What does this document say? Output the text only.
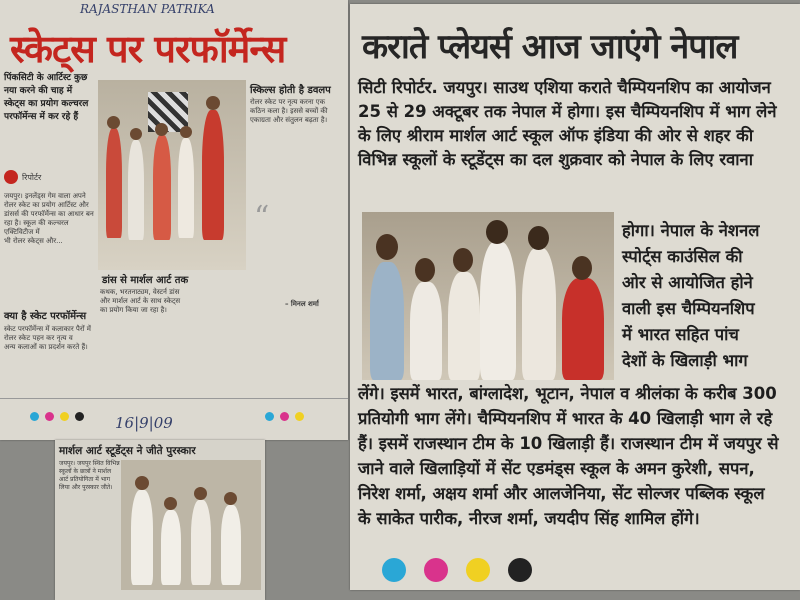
RAJASTHAN PATRIKA
स्केट्स पर परफॉर्मेन्स
पिंकसिटी के आर्टिस्ट कुछ
नया करने की चाह में
स्केट्स का प्रयोग कल्चरल
परफॉर्मेन्स में कर रहे हैं
रिपोर्टर
जयपुर। इनलेंड्स गेम वाला अपने
रोलर स्केट का प्रयोग आर्टिस्ट और
डांसर्स की परफॉर्मेन्स का आधार बन
रहा है। स्कूल की कल्चरल एक्टिविटीज में
भी रोलर स्केट्स और...
क्या है स्केट परफॉर्मेन्स
स्केट परफॉर्मेन्स में कलाकार पैरों में
रोलर स्केट पहन कर नृत्य व
अन्य कलाओं का प्रदर्शन करते हैं।
डांस से मार्शल आर्ट तक
कथक, भरतनाट्यम, वेस्टर्न डांस
और मार्शल आर्ट के साथ स्केट्स
का प्रयोग किया जा रहा है।
स्किल्स होती है डवलप
रोलर स्केट पर नृत्य करना एक
कठिन कला है। इससे बच्चों की
एकाग्रता और संतुलन बढ़ता है।
“
– मिनल शर्मा
16|9|09
मार्शल आर्ट स्टूडेंट्स ने जीते पुरस्कार
जयपुर। जयपुर स्थित विभिन्न
स्कूलों के छात्रों ने मार्शल
आर्ट प्रतियोगिता में भाग
लिया और पुरस्कार जीते।
कराते प्लेयर्स आज जाएंगे नेपाल
सिटी रिपोर्टर. जयपुर। साउथ एशिया कराते चैम्पियनशिप का आयोजन
25 से 29 अक्टूबर तक नेपाल में होगा। इस चैम्पियनशिप में भाग लेने
के लिए श्रीराम मार्शल आर्ट स्कूल ऑफ इंडिया की ओर से शहर की
विभिन्न स्कूलों के स्टूडेंट्स का दल शुक्रवार को नेपाल के लिए रवाना
होगा। नेपाल के नेशनल
स्पोर्ट्स काउंसिल की
ओर से आयोजित होने
वाली इस चैम्पियनशिप
में भारत सहित पांच
देशों के खिलाड़ी भाग
लेंगे। इसमें भारत, बांग्लादेश, भूटान, नेपाल व श्रीलंका के करीब 300
प्रतियोगी भाग लेंगे। चैम्पियनशिप में भारत के 40 खिलाड़ी भाग ले रहे
हैं। इसमें राजस्थान टीम के 10 खिलाड़ी हैं। राजस्थान टीम में जयपुर से
जाने वाले खिलाड़ियों में सेंट एडमंड्स स्कूल के अमन कुरेशी, सपन,
निरेश शर्मा, अक्षय शर्मा और आलजेनिया, सेंट सोल्जर पब्लिक स्कूल
के साकेत पारीक, नीरज शर्मा, जयदीप सिंह शामिल होंगे।
